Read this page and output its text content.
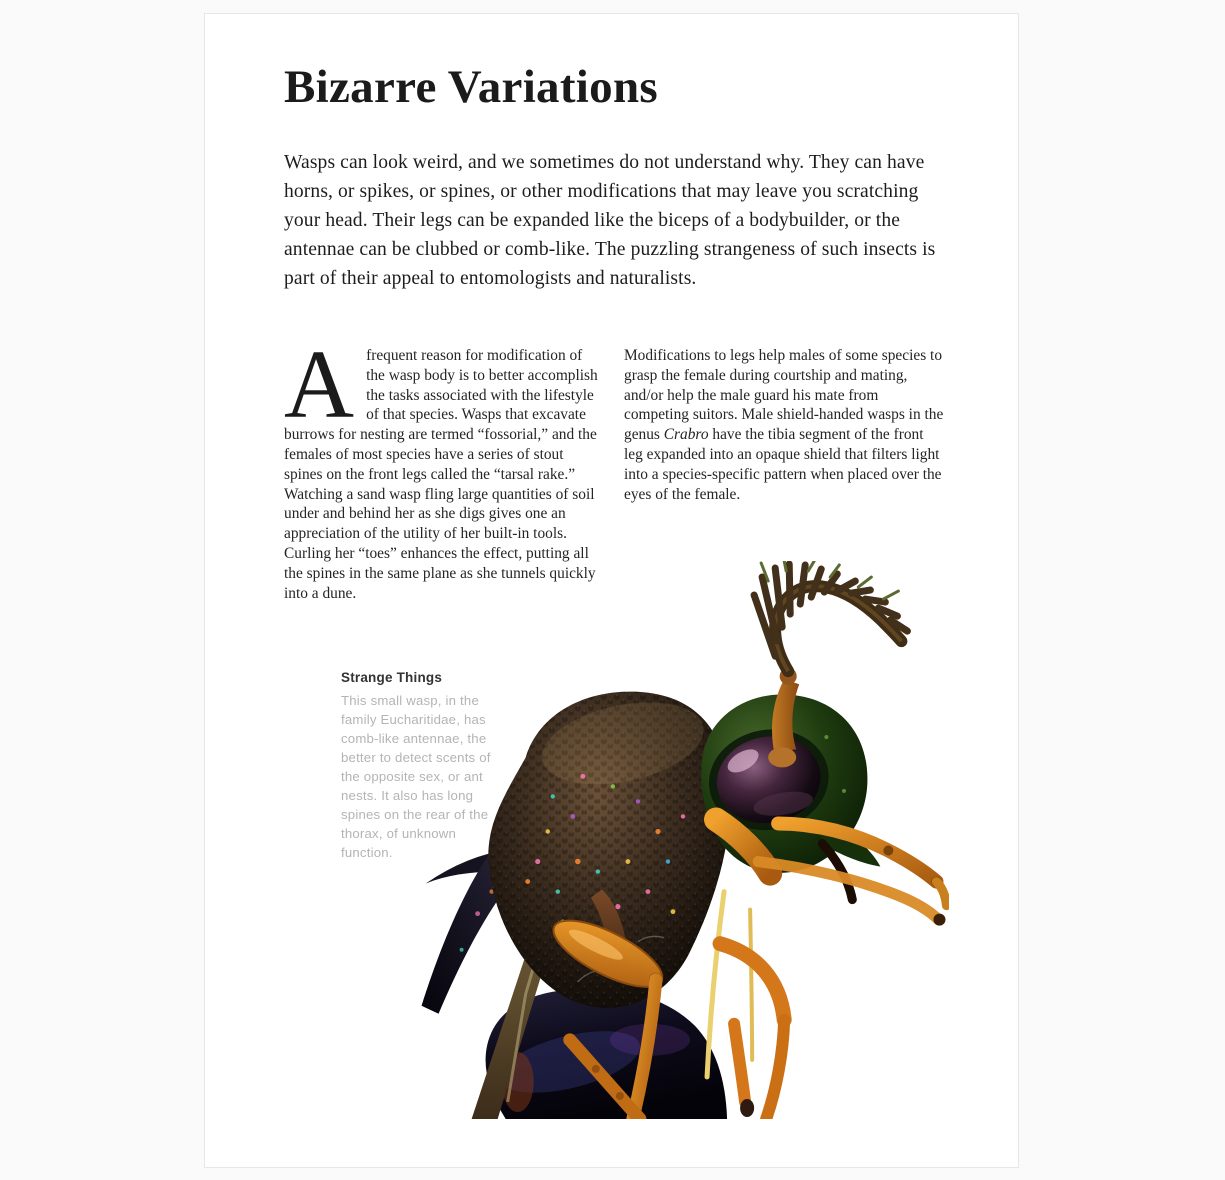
Bizarre Variations

Wasps can look weird, and we sometimes do not understand why. They can have horns, or spikes, or spines, or other modifications that may leave you scratching your head. Their legs can be expanded like the biceps of a bodybuilder, or the antennae can be clubbed or comb-like. The puzzling strangeness of such insects is part of their appeal to entomologists and naturalists.

Afrequent reason for modification of the wasp body is to better accomplish the tasks associated with the lifestyle of that species. Wasps that excavate burrows for nesting are termed “fossorial,” and the females of most species have a series of stout spines on the front legs called the “tarsal rake.” Watching a sand wasp fling large quantities of soil under and behind her as she digs gives one an appreciation of the utility of her built-in tools. Curling her “toes” enhances the effect, putting all the spines in the same plane as she tunnels quickly into a dune.

Modifications to legs help males of some species to grasp the female during courtship and mating, and/or help the male guard his mate from competing suitors. Male shield-handed wasps in the genus Crabro have the tibia segment of the front leg expanded into an opaque shield that filters light into a species-specific pattern when placed over the eyes of the female.

Strange Things

This small wasp, in the family Eucharitidae, has comb-like antennae, the better to detect scents of the opposite sex, or ant nests. It also has long spines on the rear of the thorax, of unknown function.
